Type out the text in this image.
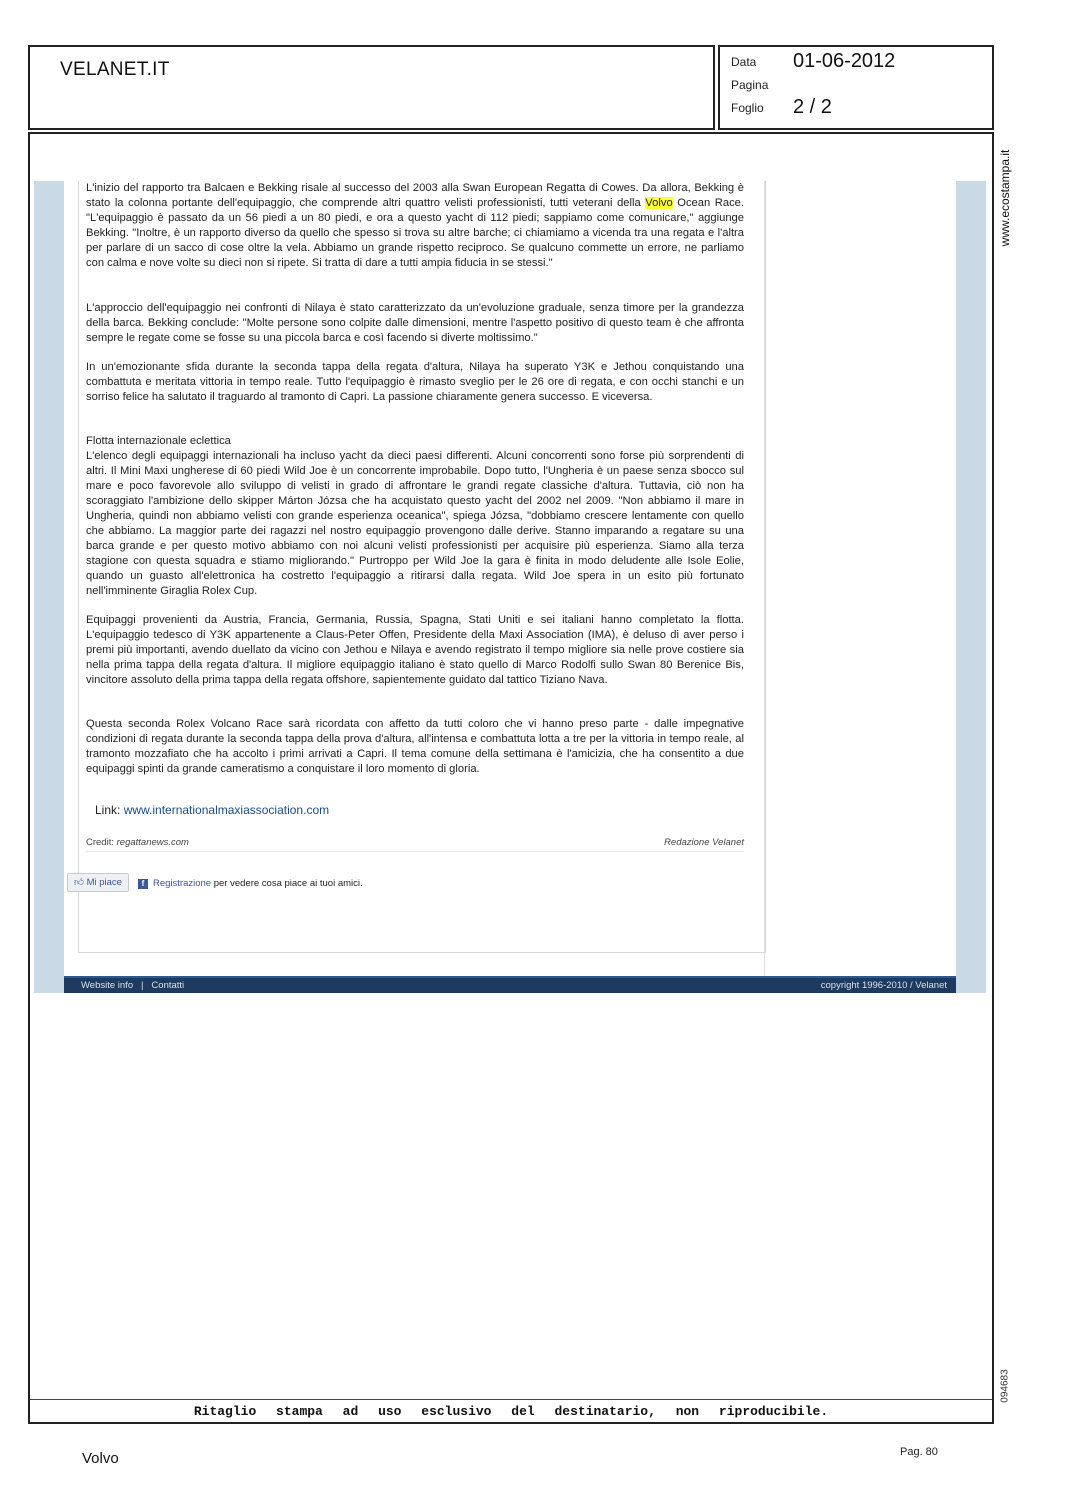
VELANET.IT	Data 01-06-2012
Pagina
Foglio 2 / 2
www.ecostampa.it
094683
Ritaglio stampa ad uso esclusivo del destinatario, non riproducibile.

L'inizio del rapporto tra Balcaen e Bekking risale al successo del 2003 alla Swan European Regatta di Cowes. Da allora, Bekking è stato la colonna portante dell'equipaggio, che comprende altri quattro velisti professionisti, tutti veterani della Volvo Ocean Race. "L'equipaggio è passato da un 56 piedi a un 80 piedi, e ora a questo yacht di 112 piedi; sappiamo come comunicare," aggiunge Bekking. "Inoltre, è un rapporto diverso da quello che spesso si trova su altre barche; ci chiamiamo a vicenda tra una regata e l'altra per parlare di un sacco di cose oltre la vela. Abbiamo un grande rispetto reciproco. Se qualcuno commette un errore, ne parliamo con calma e nove volte su dieci non si ripete. Si tratta di dare a tutti ampia fiducia in se stessi."

L'approccio dell'equipaggio nei confronti di Nilaya è stato caratterizzato da un'evoluzione graduale, senza timore per la grandezza della barca. Bekking conclude: "Molte persone sono colpite dalle dimensioni, mentre l'aspetto positivo di questo team è che affronta sempre le regate come se fosse su una piccola barca e così facendo si diverte moltissimo."

In un'emozionante sfida durante la seconda tappa della regata d'altura, Nilaya ha superato Y3K e Jethou conquistando una combattuta e meritata vittoria in tempo reale. Tutto l'equipaggio è rimasto sveglio per le 26 ore di regata, e con occhi stanchi e un sorriso felice ha salutato il traguardo al tramonto di Capri. La passione chiaramente genera successo. E viceversa.

Flotta internazionale eclettica

L'elenco degli equipaggi internazionali ha incluso yacht da dieci paesi differenti. Alcuni concorrenti sono forse più sorprendenti di altri. Il Mini Maxi ungherese di 60 piedi Wild Joe è un concorrente improbabile. Dopo tutto, l'Ungheria è un paese senza sbocco sul mare e poco favorevole allo sviluppo di velisti in grado di affrontare le grandi regate classiche d'altura. Tuttavia, ciò non ha scoraggiato l'ambizione dello skipper Márton Józsa che ha acquistato questo yacht del 2002 nel 2009. "Non abbiamo il mare in Ungheria, quindi non abbiamo velisti con grande esperienza oceanica", spiega Józsa, "dobbiamo crescere lentamente con quello che abbiamo. La maggior parte dei ragazzi nel nostro equipaggio provengono dalle derive. Stanno imparando a regatare su una barca grande e per questo motivo abbiamo con noi alcuni velisti professionisti per acquisire più esperienza. Siamo alla terza stagione con questa squadra e stiamo migliorando." Purtroppo per Wild Joe la gara è finita in modo deludente alle Isole Eolie, quando un guasto all'elettronica ha costretto l'equipaggio a ritirarsi dalla regata. Wild Joe spera in un esito più fortunato nell'imminente Giraglia Rolex Cup.

Equipaggi provenienti da Austria, Francia, Germania, Russia, Spagna, Stati Uniti e sei italiani hanno completato la flotta. L'equipaggio tedesco di Y3K appartenente a Claus-Peter Offen, Presidente della Maxi Association (IMA), è deluso di aver perso i premi più importanti, avendo duellato da vicino con Jethou e Nilaya e avendo registrato il tempo migliore sia nelle prove costiere sia nella prima tappa della regata d'altura. Il migliore equipaggio italiano è stato quello di Marco Rodolfi sullo Swan 80 Berenice Bis, vincitore assoluto della prima tappa della regata offshore, sapientemente guidato dal tattico Tiziano Nava.

Questa seconda Rolex Volcano Race sarà ricordata con affetto da tutti coloro che vi hanno preso parte - dalle impegnative condizioni di regata durante la seconda tappa della prova d'altura, all'intensa e combattuta lotta a tre per la vittoria in tempo reale, al tramonto mozzafiato che ha accolto i primi arrivati a Capri. Il tema comune della settimana è l'amicizia, che ha consentito a due equipaggi spinti da grande cameratismo a conquistare il loro momento di gloria.

Link: www.internationalmaxiassociation.com
Credit: regattanews.com	Redazione Velanet
👍︎ Mi piace	f Registrazione per vedere cosa piace ai tuoi amici.
Website info | Contatti	copyright 1996-2010 / Velanet
Volvo	Pag. 80
